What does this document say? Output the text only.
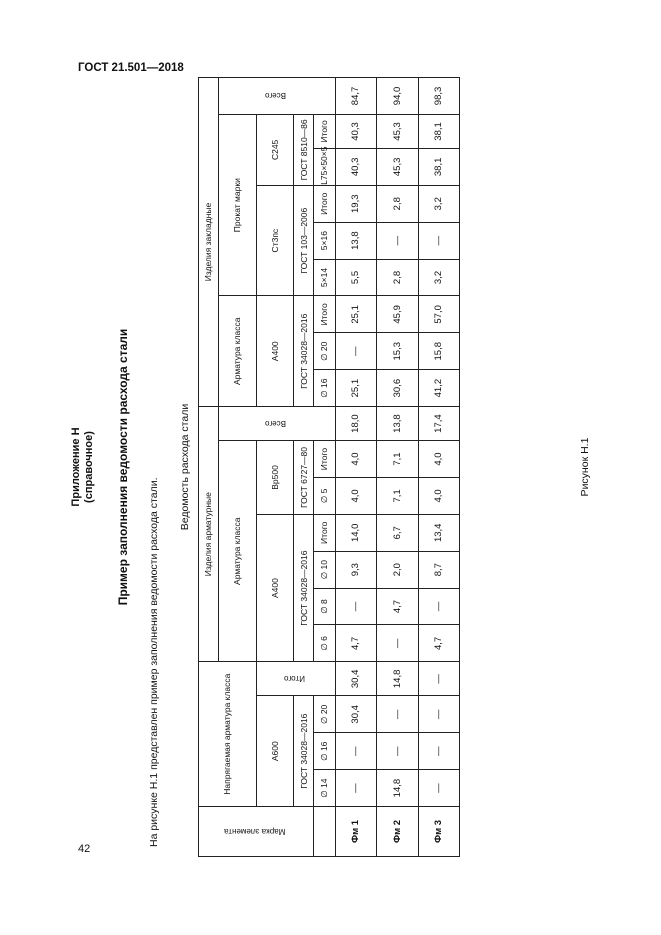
ГОСТ 21.501—2018
42
Приложение Н (справочное) Пример заполнения ведомости расхода стали
На рисунке Н.1 представлен пример заполнения ведомости расхода стали.
Ведомость расхода стали
Марка элемента	Напрягаемая арматура класса				Изделия арматурные							Изделия закладные								
					Арматура класса						Всего	Арматура класса			Прокат марки					Всего
	А600			Итого	А400				Вр500			А400			Ст3пс			С245		
	ГОСТ 34028—2016				ГОСТ 34028—2016				ГОСТ 6727—80			ГОСТ 34028—2016			ГОСТ 103—2006			ГОСТ 8510—86		
	∅ 14	∅ 16	∅ 20		∅ 6	∅ 8	∅ 10	Итого	∅ 5	Итого		∅ 16	∅ 20	Итого	5×14	5×16	Итого	L75×50×5	Итого	
Фм 1	—	—	30,4	30,4	4,7	—	9,3	14,0	4,0	4,0	18,0	25,1	—	25,1	5,5	13,8	19,3	40,3	40,3	84,7
Фм 2	14,8	—	—	14,8	—	4,7	2,0	6,7	7,1	7,1	13,8	30,6	15,3	45,9	2,8	—	2,8	45,3	45,3	94,0
Фм 3	—	—	—	—	4,7	—	8,7	13,4	4,0	4,0	17,4	41,2	15,8	57,0	3,2	—	3,2	38,1	38,1	98,3
Рисунок Н.1
